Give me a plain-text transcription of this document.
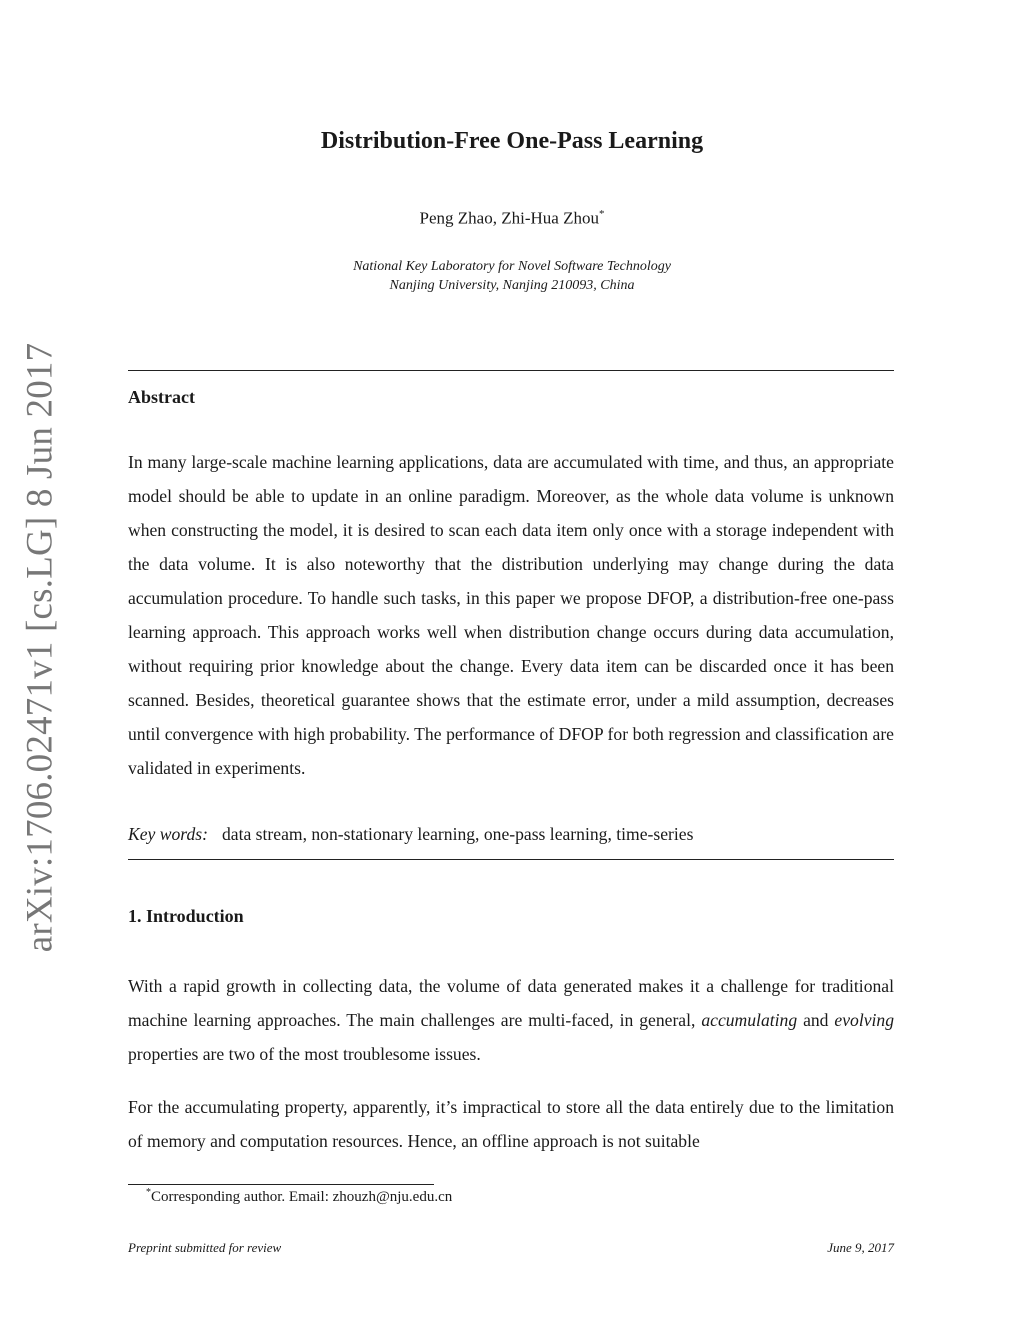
arXiv:1706.02471v1 [cs.LG] 8 Jun 2017
Distribution-Free One-Pass Learning
Peng Zhao, Zhi-Hua Zhou*
National Key Laboratory for Novel Software Technology
Nanjing University, Nanjing 210093, China
Abstract
In many large-scale machine learning applications, data are accumulated with time, and thus, an appropriate model should be able to update in an online paradigm. Moreover, as the whole data volume is unknown when constructing the model, it is desired to scan each data item only once with a storage independent with the data volume. It is also noteworthy that the distribution underlying may change during the data accumulation procedure. To handle such tasks, in this paper we propose DFOP, a distribution-free one-pass learning approach. This approach works well when distribution change occurs during data accumulation, without requiring prior knowledge about the change. Every data item can be discarded once it has been scanned. Besides, theoretical guarantee shows that the estimate error, under a mild assumption, decreases until convergence with high probability. The performance of DFOP for both regression and classification are validated in experiments.
Key words: data stream, non-stationary learning, one-pass learning, time-series
1. Introduction
With a rapid growth in collecting data, the volume of data generated makes it a challenge for traditional machine learning approaches. The main challenges are multi-faced, in general, accumulating and evolving properties are two of the most troublesome issues.
For the accumulating property, apparently, it’s impractical to store all the data entirely due to the limitation of memory and computation resources. Hence, an offline approach is not suitable
*Corresponding author. Email: zhouzh@nju.edu.cn
Preprint submitted for review	June 9, 2017
